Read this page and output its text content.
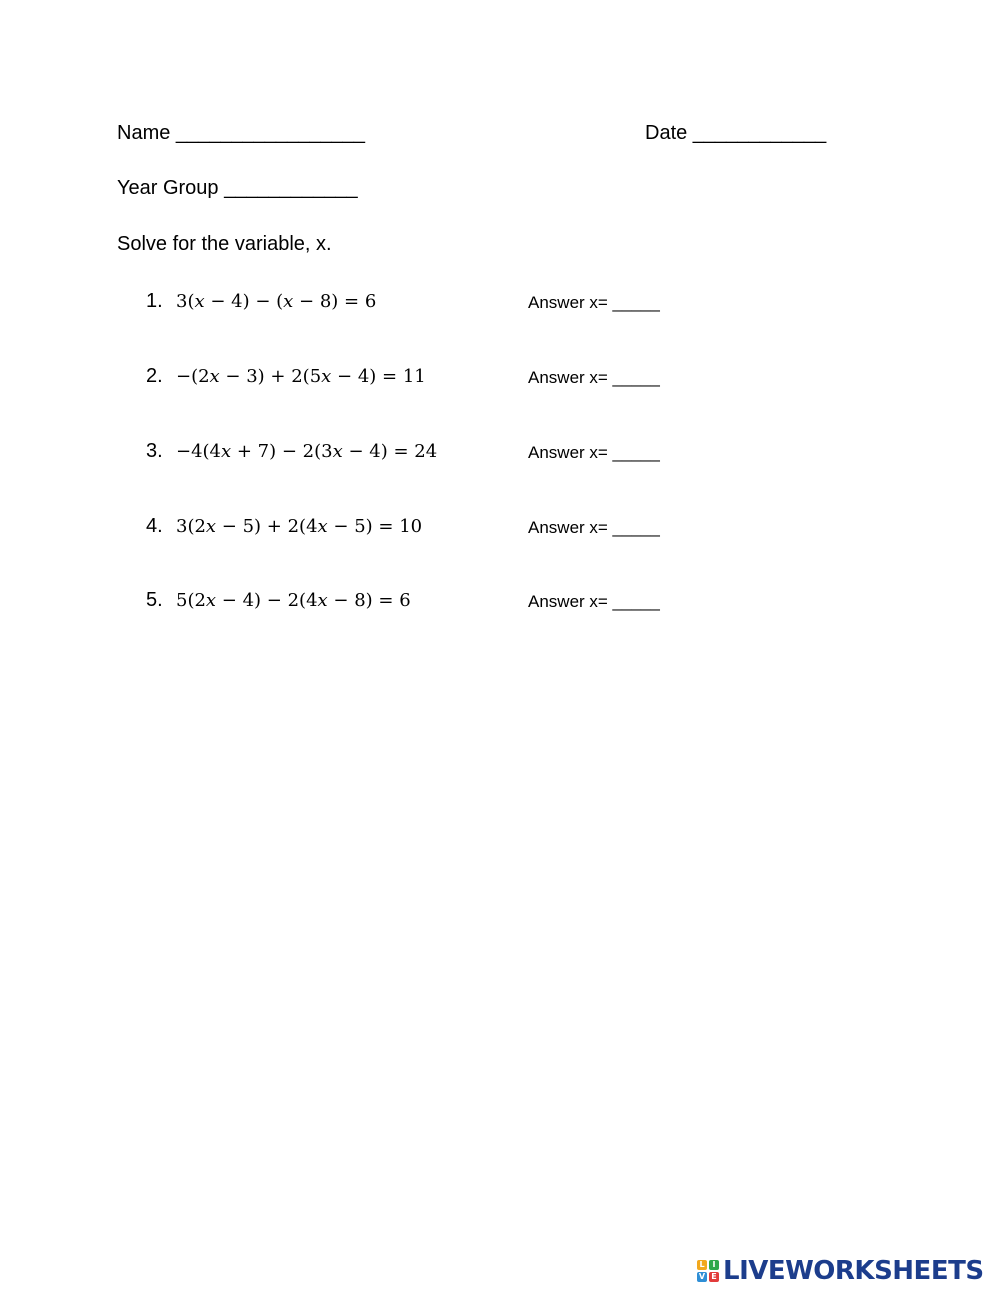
Name _________________	Date ____________
Year Group ____________
Solve for the variable, x.
1. 3(𝑥 − 4) − (𝑥 − 8) = 6	Answer x= _____
2. −(2𝑥 − 3) + 2(5𝑥 − 4) = 11	Answer x= _____
3. −4(4𝑥 + 7) − 2(3𝑥 − 4) = 24	Answer x= _____
4. 3(2𝑥 − 5) + 2(4𝑥 − 5) = 10	Answer x= _____
5. 5(2𝑥 − 4) − 2(4𝑥 − 8) = 6	Answer x= _____
L I
V E LIVEWORKSHEETS
